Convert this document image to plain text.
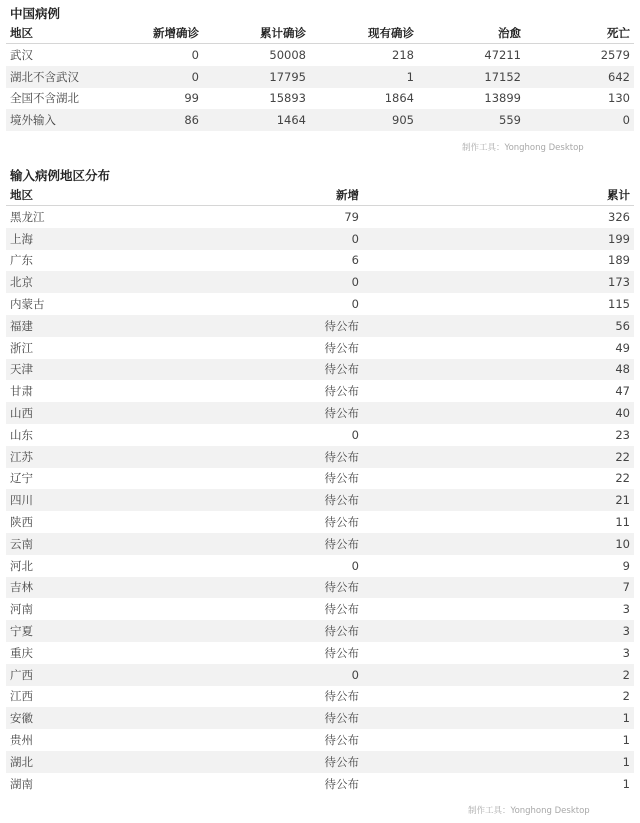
中国病例
地区	新增确诊	累计确诊	现有确诊	治愈	死亡
武汉	0	50008	218	47211	2579
湖北不含武汉	0	17795	1	17152	642
全国不含湖北	99	15893	1864	13899	130
境外输入	86	1464	905	559	0
制作工具：Yonghong Desktop
输入病例地区分布
地区	新增	累计
黑龙江	79	326
上海	0	199
广东	6	189
北京	0	173
内蒙古	0	115
福建	待公布	56
浙江	待公布	49
天津	待公布	48
甘肃	待公布	47
山西	待公布	40
山东	0	23
江苏	待公布	22
辽宁	待公布	22
四川	待公布	21
陕西	待公布	11
云南	待公布	10
河北	0	9
吉林	待公布	7
河南	待公布	3
宁夏	待公布	3
重庆	待公布	3
广西	0	2
江西	待公布	2
安徽	待公布	1
贵州	待公布	1
湖北	待公布	1
湖南	待公布	1
制作工具：Yonghong Desktop
